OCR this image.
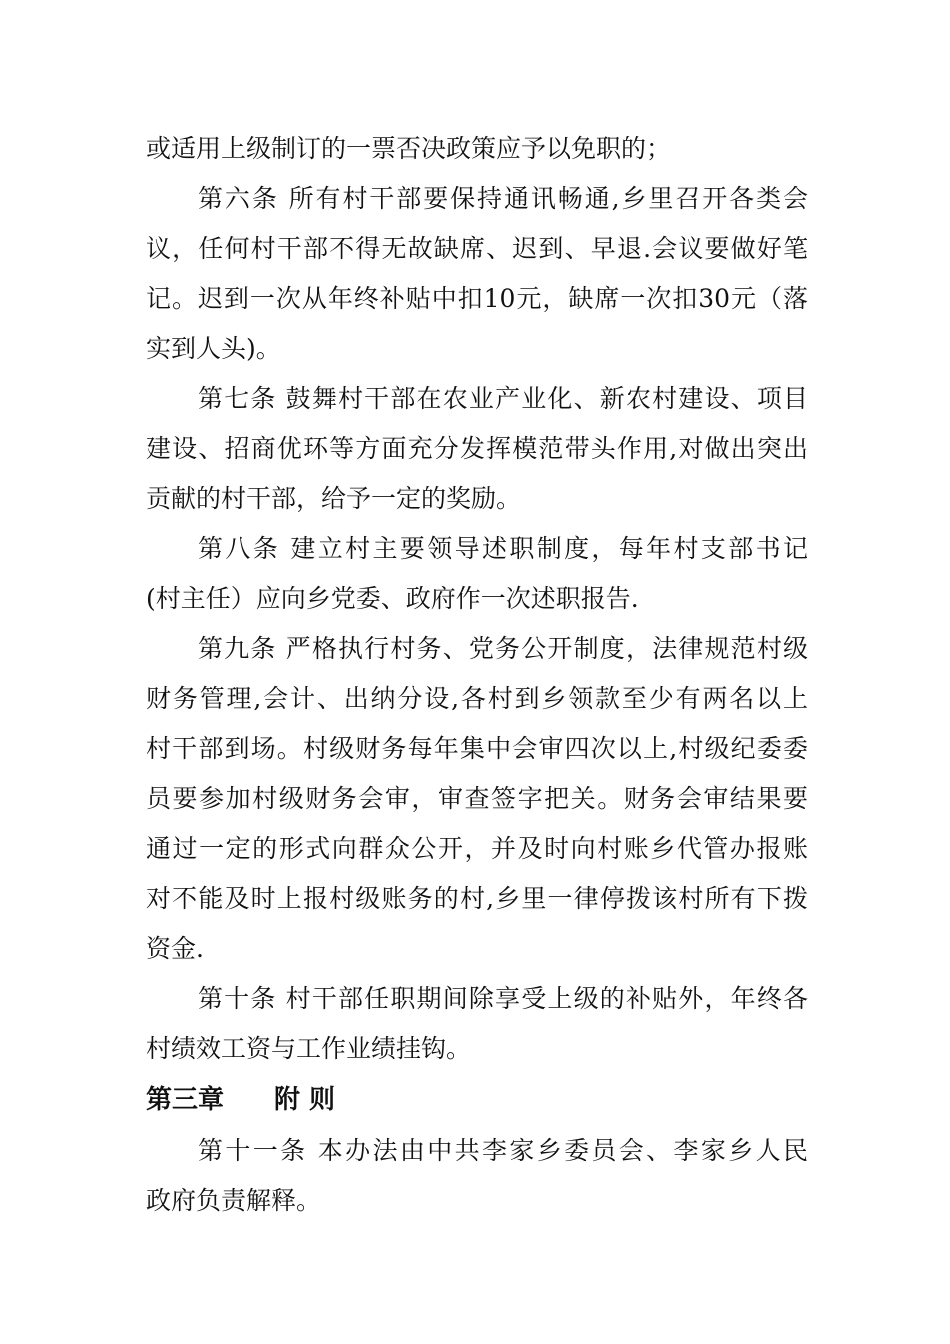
或适用上级制订的一票否决政策应予以免职的；
第六条 所有村干部要保持通讯畅通,乡里召开各类会
议，任何村干部不得无故缺席、迟到、早退.会议要做好笔
记。迟到一次从年终补贴中扣10元，缺席一次扣30元（落
实到人头)。
第七条 鼓舞村干部在农业产业化、新农村建设、项目
建设、招商优环等方面充分发挥模范带头作用,对做出突出
贡献的村干部，给予一定的奖励。
第八条 建立村主要领导述职制度，每年村支部书记
(村主任）应向乡党委、政府作一次述职报告.
第九条 严格执行村务、党务公开制度，法律规范村级
财务管理,会计、出纳分设,各村到乡领款至少有两名以上
村干部到场。村级财务每年集中会审四次以上,村级纪委委
员要参加村级财务会审，审查签字把关。财务会审结果要
通过一定的形式向群众公开，并及时向村账乡代管办报账
对不能及时上报村级账务的村,乡里一律停拨该村所有下拨
资金.
第十条 村干部任职期间除享受上级的补贴外，年终各
村绩效工资与工作业绩挂钩。
第三章 附 则
第十一条 本办法由中共李家乡委员会、李家乡人民
政府负责解释。
